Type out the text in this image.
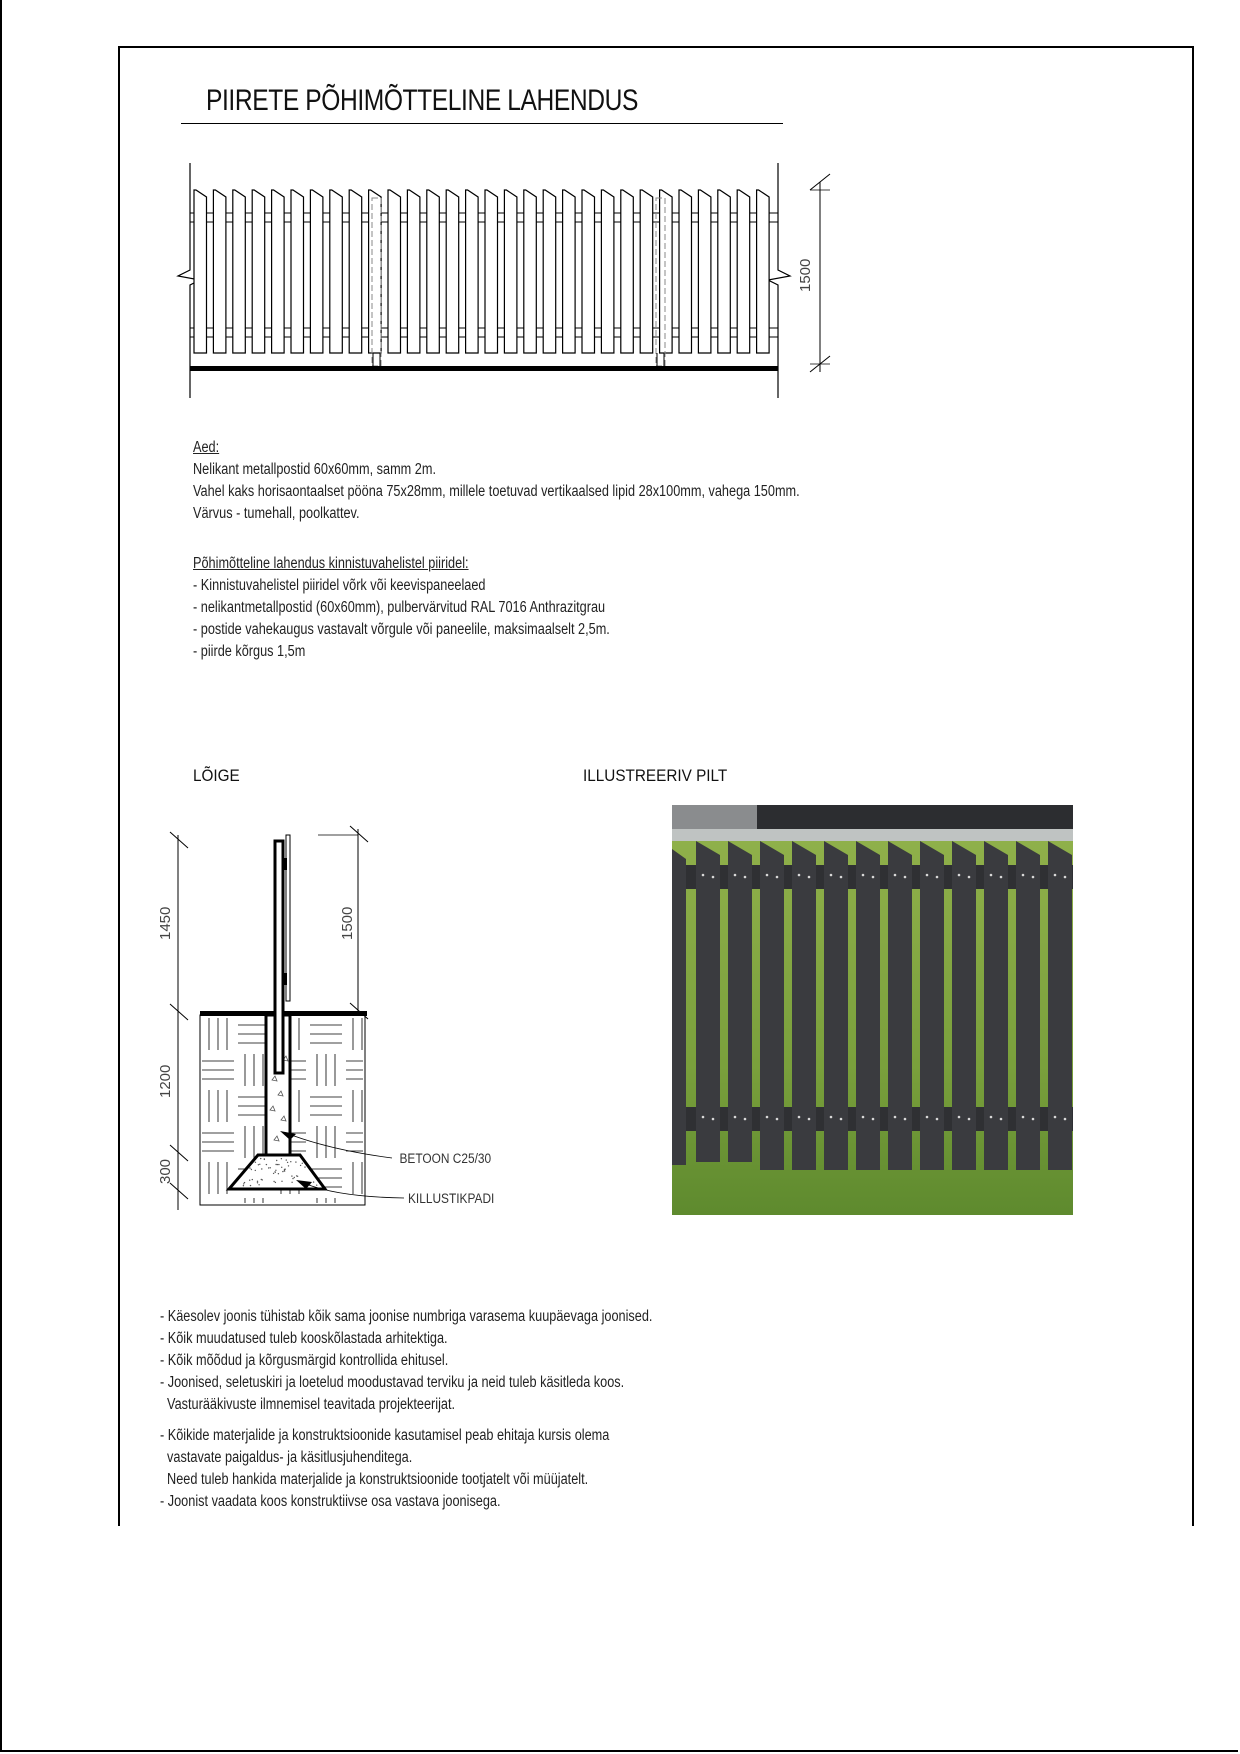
PIIRETE PÕHIMÕTTELINE LAHENDUS
1500
1450
1200
300
1500
BETOON C25/30
KILLUSTIKPADI
Aed:
Nelikant metallpostid 60x60mm, samm 2m.
Vahel kaks horisaontaalset pööna 75x28mm, millele toetuvad vertikaalsed lipid 28x100mm, vahega 150mm.
Värvus - tumehall, poolkattev.
Põhimõtteline lahendus kinnistuvahelistel piiridel:
- Kinnistuvahelistel piiridel võrk või keevispaneelaed
- nelikantmetallpostid (60x60mm), pulbervärvitud RAL 7016 Anthrazitgrau
- postide vahekaugus vastavalt võrgule või paneelile, maksimaalselt 2,5m.
- piirde kõrgus 1,5m
LÕIGE	ILLUSTREERIV PILT
- Käesolev joonis tühistab kõik sama joonise numbriga varasema kuupäevaga joonised.
- Kõik muudatused tuleb kooskõlastada arhitektiga.
- Kõik mõõdud ja kõrgusmärgid kontrollida ehitusel.
- Joonised, seletuskiri ja loetelud moodustavad terviku ja neid tuleb käsitleda koos.
Vasturääkivuste ilmnemisel teavitada projekteerijat.
- Kõikide materjalide ja konstruktsioonide kasutamisel peab ehitaja kursis olema
vastavate paigaldus- ja käsitlusjuhenditega.
Need tuleb hankida materjalide ja konstruktsioonide tootjatelt või müüjatelt.
- Joonist vaadata koos konstruktiivse osa vastava joonisega.
